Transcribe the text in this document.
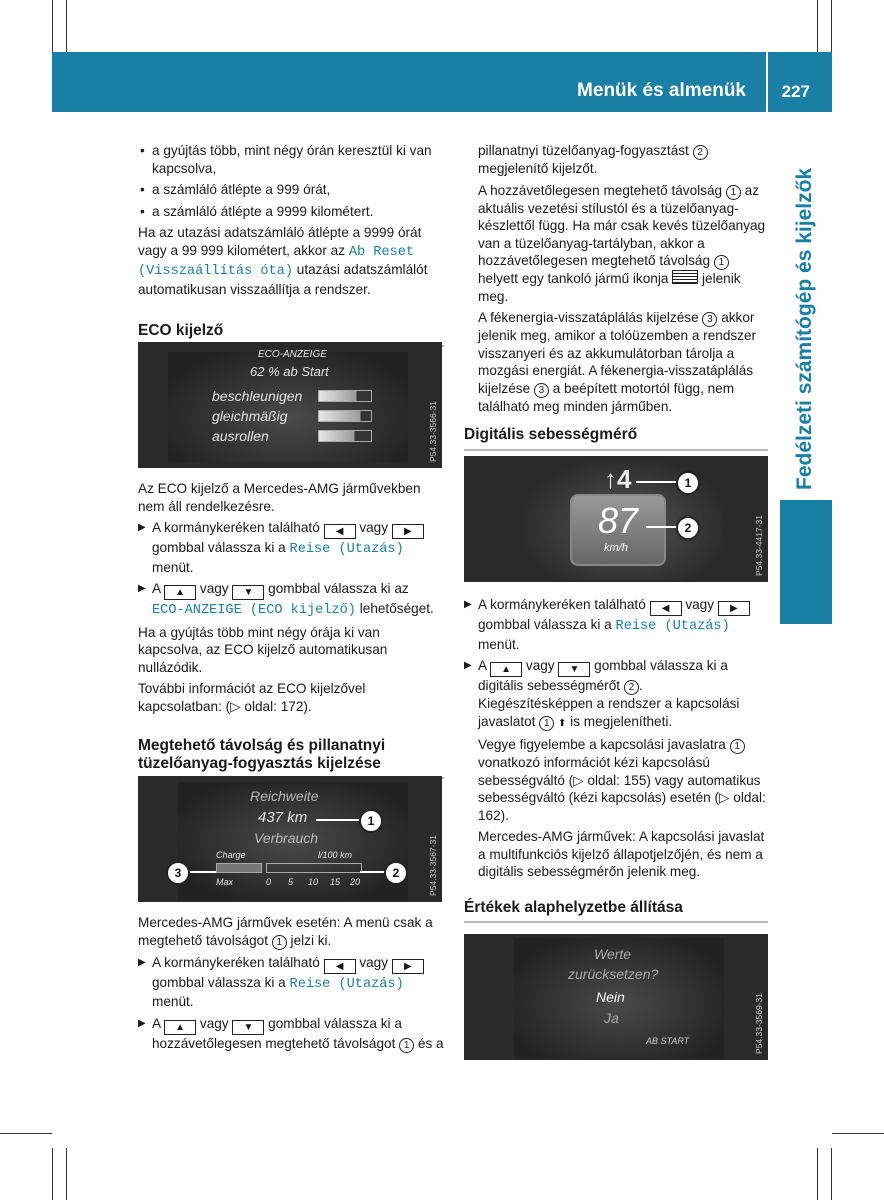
Menük és almenük 227
Fedélzeti számítógép és kijelzők
• a gyújtás több, mint négy órán keresztül ki van kapcsolva,
• a számláló átlépte a 999 órát,
• a számláló átlépte a 9999 kilométert.

Ha az utazási adatszámláló átlépte a 9999 órát vagy a 99 999 kilométert, akkor az Ab Reset (Visszaállítás óta) utazási adatszámlálót automatikusan visszaállítja a rendszer.

ECO kijelző
ECO-ANZEIGE
62 % ab Start
beschleunigen
gleichmäßig
ausrollen	P54.33-3566-31

Az ECO kijelző a Mercedes-AMG járművekben nem áll rendelkezésre.

▶ A kormánykeréken található ◀ vagy ▶ gombbal válassza ki a Reise (Utazás) menüt.
▶ A ▲ vagy ▼ gombbal válassza ki az ECO-ANZEIGE (ECO kijelző) lehetőséget.

Ha a gyújtás több mint négy órája ki van kapcsolva, az ECO kijelző automatikusan nullázódik.

További információt az ECO kijelzővel kapcsolatban: (▷ oldal: 172).

Megtehető távolság és pillanatnyi tüzelőanyag-fogyasztás kijelzése
Reichweite
437 km
Verbrauch
1
Charge	l/100 km
Max	0 5 10 15 20
3	2	P54.33-3567-31

Mercedes-AMG járművek esetén: A menü csak a megtehető távolságot 1 jelzi ki.

▶ A kormánykeréken található ◀ vagy ▶ gombbal válassza ki a Reise (Utazás) menüt.
▶ A ▲ vagy ▼ gombbal válassza ki a hozzávetőlegesen megtehető távolságot 1 és a

pillanatnyi tüzelőanyag-fogyasztást 2 megjelenítő kijelzőt.

A hozzávetőlegesen megtehető távolság 1 az aktuális vezetési stílustól és a tüzelőanyag-készlettől függ. Ha már csak kevés tüzelőanyag van a tüzelőanyag-tartályban, akkor a hozzávetőlegesen megtehető távolság 1 helyett egy tankoló jármű ikonja jelenik meg.

A fékenergia-visszatáplálás kijelzése 3 akkor jelenik meg, amikor a tolóüzemben a rendszer visszanyeri és az akkumulátorban tárolja a mozgási energiát. A fékenergia-visszatáplálás kijelzése 3 a beépített motortól függ, nem található meg minden járműben.

Digitális sebességmérő
↑4	1
87
km/h
2	P54.33-4417-31
▶ A kormánykeréken található ◀ vagy ▶ gombbal válassza ki a Reise (Utazás) menüt.
▶ A ▲ vagy ▼ gombbal válassza ki a digitális sebességmérőt 2 .
Kiegészítésképpen a rendszer a kapcsolási javaslatot 1 ⬆ is megjelenítheti.

Vegye figyelembe a kapcsolási javaslatra 1 vonatkozó információt kézi kapcsolású sebességváltó (▷ oldal: 155) vagy automatikus sebességváltó (kézi kapcsolás) esetén (▷ oldal: 162).

Mercedes-AMG járművek: A kapcsolási javaslat a multifunkciós kijelző állapotjelzőjén, és nem a digitális sebességmérőn jelenik meg.

Értékek alaphelyzetbe állítása
Werte
zurücksetzen?
Nein
Ja
AB START	P54.33-3569-31
